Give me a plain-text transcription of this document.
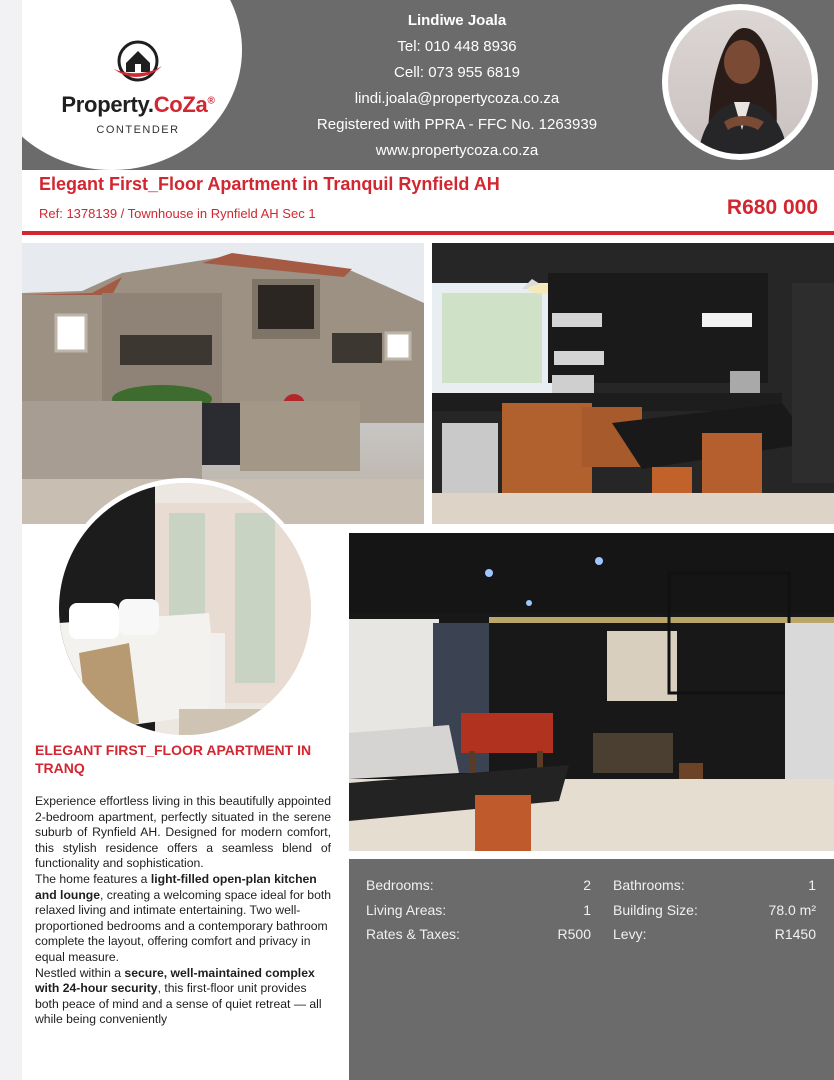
Property.CoZa®
CONTENDER
Lindiwe Joala
Tel: 010 448 8936
Cell: 073 955 6819
lindi.joala@propertycoza.co.za
Registered with PPRA - FFC No. 1263939
www.propertycoza.co.za
Elegant First_Floor Apartment in Tranquil Rynfield AH
Ref: 1378139 / Townhouse in Rynfield AH Sec 1	R680 000
ELEGANT FIRST_FLOOR APARTMENT IN TRANQ

Experience effortless living in this beautifully appointed 2-bedroom apartment, perfectly situated in the serene suburb of Rynfield AH. Designed for modern comfort, this stylish residence offers a seamless blend of functionality and sophistication.

The home features a light-filled open-plan kitchen and lounge, creating a welcoming space ideal for both relaxed living and intimate entertaining. Two well-proportioned bedrooms and a contemporary bathroom complete the layout, offering comfort and privacy in equal measure.

Nestled within a secure, well-maintained complex with 24-hour security, this first-floor unit provides both peace of mind and a sense of quiet retreat — all while being conveniently

Bedrooms:	2 Bathrooms:	1
Living Areas:	1 Building Size:	78.0 m²
Rates & Taxes:	R500 Levy:	R1450
